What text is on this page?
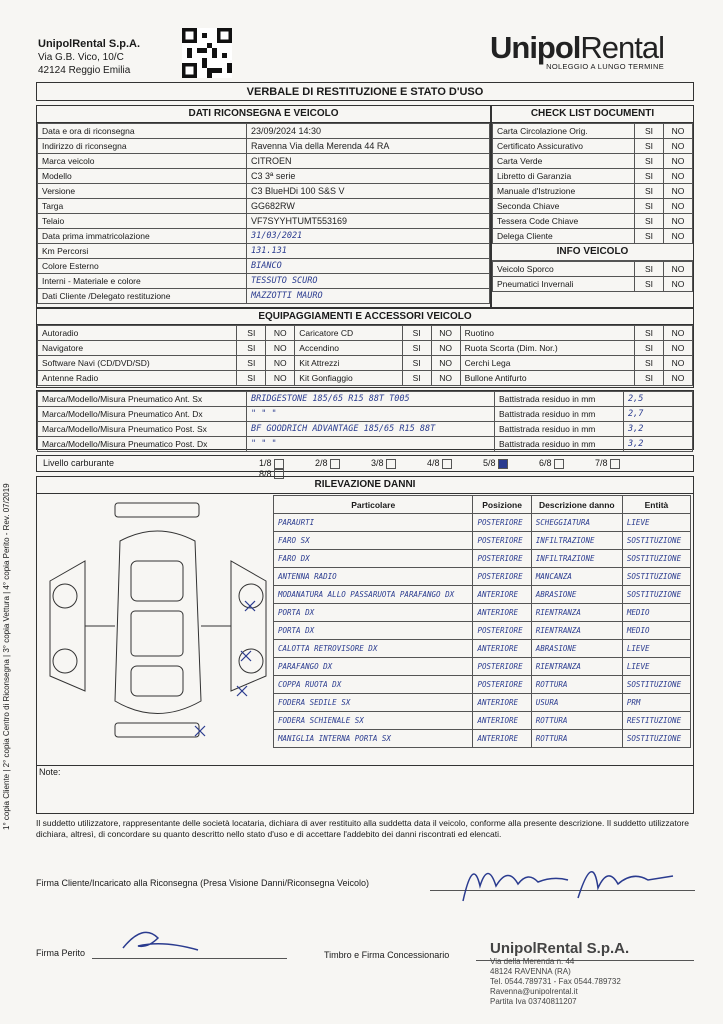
UnipolRental S.p.A.
Via G.B. Vico, 10/C
42124 Reggio Emilia
UnipolRental
NOLEGGIO A LUNGO TERMINE
1° copia Cliente | 2° copia Centro di Riconsegna | 3° copia Vettura | 4° copia Perito - Rev. 07/2019
VERBALE DI RESTITUZIONE E STATO D'USO
DATI RICONSEGNA E VEICOLO
Data e ora di riconsegna	23/09/2024 14:30
Indirizzo di riconsegna	Ravenna Via della Merenda 44 RA
Marca veicolo	CITROEN
Modello	C3 3ª serie
Versione	C3 BlueHDi 100 S&S V
Targa	GG682RW
Telaio	VF7SYYHTUMT553169
Data prima immatricolazione	31/03/2021
Km Percorsi	131.131
Colore Esterno	BIANCO
Interni - Materiale e colore	TESSUTO SCURO
Dati Cliente /Delegato restituzione	MAZZOTTI MAURO
CHECK LIST DOCUMENTI
Carta Circolazione Orig.	SI	NO
Certificato Assicurativo	SI	NO
Carta Verde	SI	NO
Libretto di Garanzia	SI	NO
Manuale d'Istruzione	SI	NO
Seconda Chiave	SI	NO
Tessera Code Chiave	SI	NO
Delega Cliente	SI	NO
INFO VEICOLO
Veicolo Sporco	SI	NO
Pneumatici Invernali	SI	NO
EQUIPAGGIAMENTI E ACCESSORI VEICOLO
Autoradio	SI	NO	Caricatore CD	SI	NO	Ruotino	SI	NO
Navigatore	SI	NO	Accendino	SI	NO	Ruota Scorta (Dim. Nor.)	SI	NO
Software Navi (CD/DVD/SD)	SI	NO	Kit Attrezzi	SI	NO	Cerchi Lega	SI	NO
Antenne Radio	SI	NO	Kit Gonfiaggio	SI	NO	Bullone Antifurto	SI	NO
Marca/Modello/Misura Pneumatico Ant. Sx	BRIDGESTONE 185/65 R15 88T T005	Battistrada residuo in mm	2,5
Marca/Modello/Misura Pneumatico Ant. Dx	" " "	Battistrada residuo in mm	2,7
Marca/Modello/Misura Pneumatico Post. Sx	BF GOODRICH ADVANTAGE 185/65 R15 88T	Battistrada residuo in mm	3,2
Marca/Modello/Misura Pneumatico Post. Dx	" " "	Battistrada residuo in mm	3,2
Livello carburante	1/8	2/8	3/8	4/8	5/8	6/8	7/88/8
RILEVAZIONE DANNI
Particolare	Posizione	Descrizione danno	Entità
PARAURTI	POSTERIORE	SCHEGGIATURA	LIEVE
FARO SX	POSTERIORE	INFILTRAZIONE	SOSTITUZIONE
FARO DX	POSTERIORE	INFILTRAZIONE	SOSTITUZIONE
ANTENNA RADIO	POSTERIORE	MANCANZA	SOSTITUZIONE
MODANATURA ALLO PASSARUOTA PARAFANGO DX	ANTERIORE	ABRASIONE	SOSTITUZIONE
PORTA DX	ANTERIORE	RIENTRANZA	MEDIO
PORTA DX	POSTERIORE	RIENTRANZA	MEDIO
CALOTTA RETROVISORE DX	ANTERIORE	ABRASIONE	LIEVE
PARAFANGO DX	POSTERIORE	RIENTRANZA	LIEVE
COPPA RUOTA DX	POSTERIORE	ROTTURA	SOSTITUZIONE
FODERA SEDILE SX	ANTERIORE	USURA	PRM
FODERA SCHIENALE SX	ANTERIORE	ROTTURA	RESTITUZIONE
MANIGLIA INTERNA PORTA SX	ANTERIORE	ROTTURA	SOSTITUZIONE
Note:
Il suddetto utilizzatore, rappresentante delle società locataria, dichiara di aver restituito alla suddetta data il veicolo, conforme alla presente descrizione. Il suddetto utilizzatore dichiara, altresì, di concordare su quanto descritto nello stato d'uso e di accettare l'addebito dei danni riscontrati ed elencati.
Firma Cliente/Incaricato alla Riconsegna (Presa Visione Danni/Riconsegna Veicolo)
Firma Perito	Timbro e Firma Concessionario	UnipolRental S.p.A.
Via della Merenda n. 44
48124 RAVENNA (RA)
Tel. 0544.789731 - Fax 0544.789732
Ravenna@unipolrental.it
Partita Iva 03740811207
